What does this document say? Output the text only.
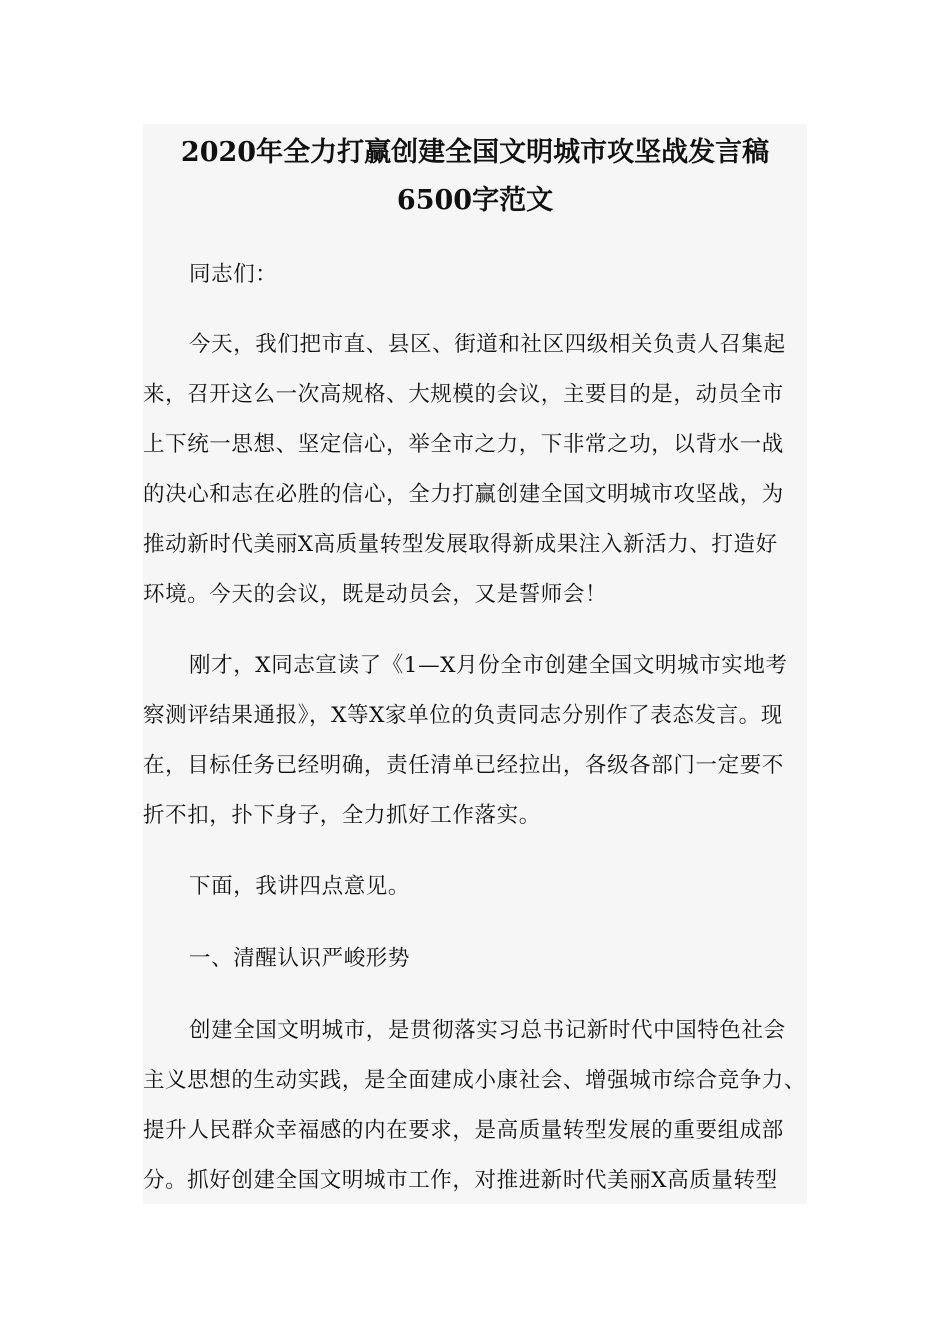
2020年全力打赢创建全国文明城市攻坚战发言稿
6500字范文
同志们：
今天，我们把市直、县区、街道和社区四级相关负责人召集起
来，召开这么一次高规格、大规模的会议，主要目的是，动员全市
上下统一思想、坚定信心，举全市之力，下非常之功，以背水一战
的决心和志在必胜的信心，全力打赢创建全国文明城市攻坚战，为
推动新时代美丽X高质量转型发展取得新成果注入新活力、打造好
环境。今天的会议，既是动员会，又是誓师会！
刚才，X同志宣读了《1—X月份全市创建全国文明城市实地考
察测评结果通报》，X等X家单位的负责同志分别作了表态发言。现
在，目标任务已经明确，责任清单已经拉出，各级各部门一定要不
折不扣，扑下身子，全力抓好工作落实。
下面，我讲四点意见。
一、清醒认识严峻形势
创建全国文明城市，是贯彻落实习总书记新时代中国特色社会
主义思想的生动实践，是全面建成小康社会、增强城市综合竞争力、
提升人民群众幸福感的内在要求，是高质量转型发展的重要组成部
分。抓好创建全国文明城市工作，对推进新时代美丽X高质量转型
